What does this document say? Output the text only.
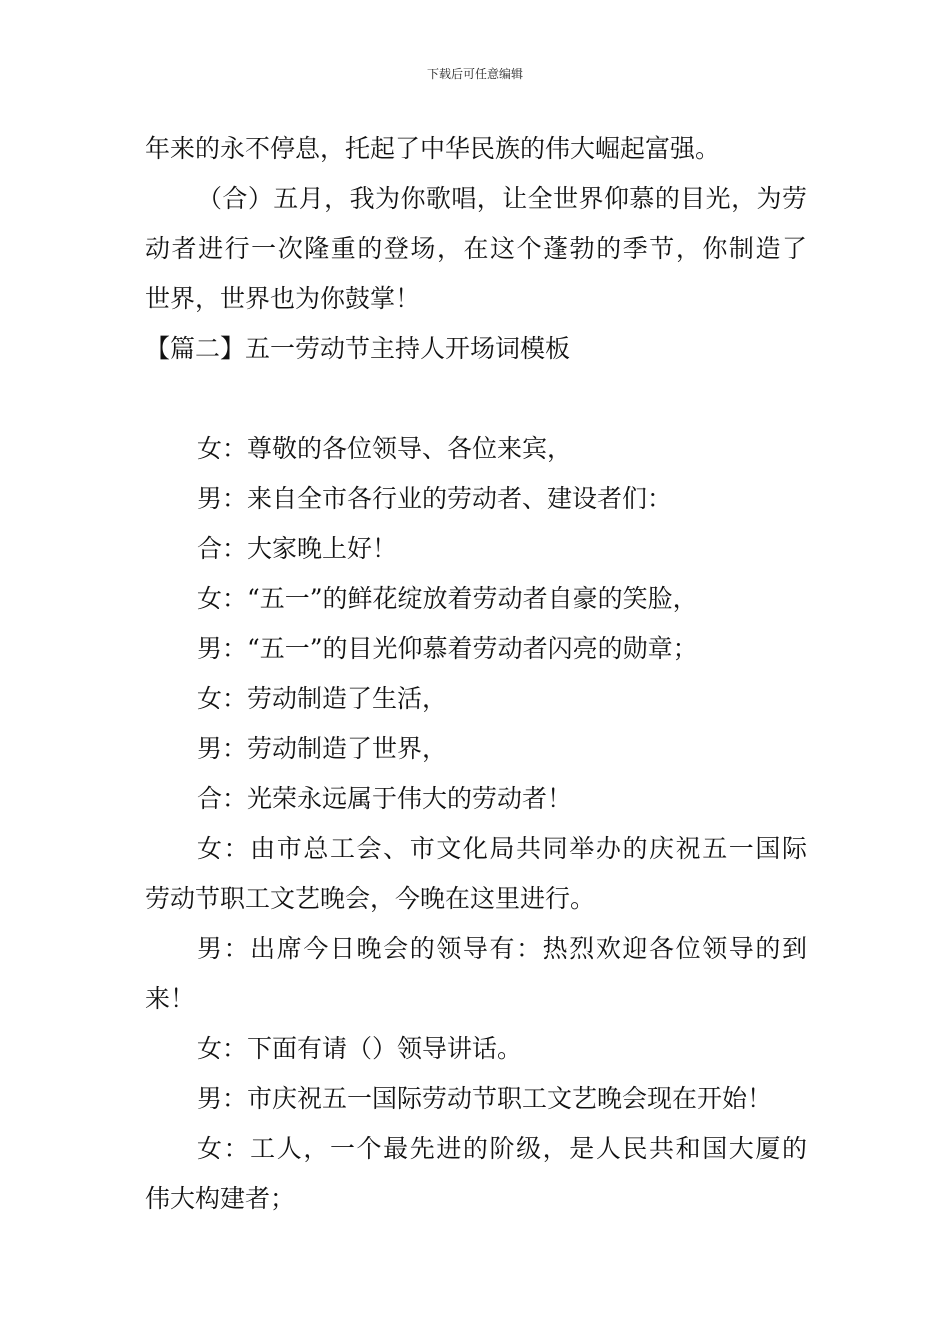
下载后可任意编辑
年来的永不停息，托起了中华民族的伟大崛起富强。
（合）五月，我为你歌唱，让全世界仰慕的目光，为劳
动者进行一次隆重的登场，在这个蓬勃的季节，你制造了
世界，世界也为你鼓掌！
【篇二】五一劳动节主持人开场词模板
女：尊敬的各位领导、各位来宾，
男：来自全市各行业的劳动者、建设者们：
合：大家晚上好！
女：“五一”的鲜花绽放着劳动者自豪的笑脸，
男：“五一”的目光仰慕着劳动者闪亮的勋章；
女：劳动制造了生活，
男：劳动制造了世界，
合：光荣永远属于伟大的劳动者！
女：由市总工会、市文化局共同举办的庆祝五一国际
劳动节职工文艺晚会，今晚在这里进行。
男：出席今日晚会的领导有：热烈欢迎各位领导的到
来！
女：下面有请（）领导讲话。
男：市庆祝五一国际劳动节职工文艺晚会现在开始！
女：工人，一个最先进的阶级，是人民共和国大厦的
伟大构建者；
